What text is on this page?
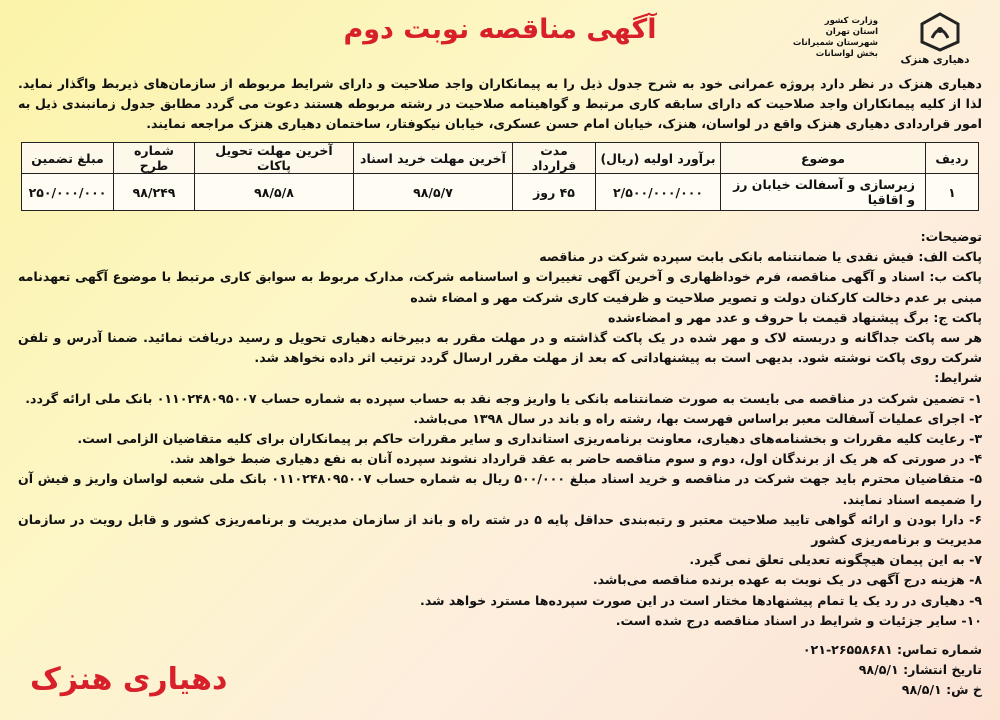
دهیاری هنزک
وزارت کشور
استان تهران
شهرستان شمیرانات
بخش لواسانات
آگهی مناقصه نوبت دوم

دهیاری هنزک در نظر دارد پروژه عمرانی خود به شرح جدول ذیل را به پیمانکاران واجد صلاحیت و دارای شرایط مربوطه از سازمان‌های ذیربط واگذار نماید. لذا از کلیه پیمانکاران واجد صلاحیت که دارای سابقه کاری مرتبط و گواهینامه صلاحیت در رشته مربوطه هستند دعوت می گردد مطابق جدول زمانبندی ذیل به امور قراردادی دهیاری هنزک واقع در لواسان، هنزک، خیابان امام حسن عسکری، خیابان نیکوفتار، ساختمان دهیاری هنزک مراجعه نمایند.

ردیف	موضوع	برآورد اولیه (ریال)	مدت قرارداد	آخرین مهلت خرید اسناد	آخرین مهلت تحویل پاکات	شماره طرح	مبلغ تضمین
۱	زیرسازی و آسفالت خیابان رز و اقاقیا	۲/۵۰۰/۰۰۰/۰۰۰	۴۵ روز	۹۸/۵/۷	۹۸/۵/۸	۹۸/۲۴۹	۲۵۰/۰۰۰/۰۰۰

توضیحات:

پاکت الف: فیش نقدی یا ضمانتنامه بانکی بابت سپرده شرکت در مناقصه

پاکت ب: اسناد و آگهی مناقصه، فرم خوداظهاری و آخرین آگهی تغییرات و اساسنامه شرکت، مدارک مربوط به سوابق کاری مرتبط با موضوع آگهی تعهدنامه مبنی بر عدم دخالت کارکنان دولت و تصویر صلاحیت و ظرفیت کاری شرکت مهر و امضاء شده

پاکت ج: برگ پیشنهاد قیمت با حروف و عدد مهر و امضاء‌شده

هر سه پاکت جداگانه و دربسته لاک و مهر شده در یک پاکت گذاشته و در مهلت مقرر به دبیرخانه دهیاری تحویل و رسید دریافت نمائید. ضمنا آدرس و تلفن شرکت روی پاکت نوشته شود. بدیهی است به پیشنهاداتی که بعد از مهلت مقرر ارسال گردد ترتیب اثر داده نخواهد شد.

شرایط:

۱- تضمین شرکت در مناقصه می بایست به صورت ضمانتنامه بانکی یا واریز وجه نقد به حساب سپرده به شماره حساب ۰۱۱۰۲۴۸۰۹۵۰۰۷ بانک ملی ارائه گردد.

۲- اجرای عملیات آسفالت معبر براساس فهرست بها، رشته راه و باند در سال ۱۳۹۸ می‌باشد.

۳- رعایت کلیه مقررات و بخشنامه‌های دهیاری، معاونت برنامه‌ریزی استانداری و سایر مقررات حاکم بر پیمانکاران برای کلیه متقاضیان الزامی است.

۴- در صورتی که هر یک از برندگان اول، دوم و سوم مناقصه حاضر به عقد قرارداد نشوند سپرده آنان به نفع دهیاری ضبط خواهد شد.

۵- متقاضیان محترم باید جهت شرکت در مناقصه و خرید اسناد مبلغ ۵۰۰/۰۰۰ ریال به شماره حساب ۰۱۱۰۲۴۸۰۹۵۰۰۷ بانک ملی شعبه لواسان واریز و فیش آن را ضمیمه اسناد نمایند.

۶- دارا بودن و ارائه گواهی تایید صلاحیت معتبر و رتبه‌بندی حداقل پایه ۵ در شته راه و باند از سازمان مدیریت و برنامه‌ریزی کشور و قابل رویت در سازمان مدیریت و برنامه‌ریزی کشور

۷- به این پیمان هیچگونه تعدیلی تعلق نمی گیرد.

۸- هزینه درج آگهی در یک نوبت به عهده برنده مناقصه می‌باشد.

۹- دهیاری در رد یک یا تمام پیشنهادها مختار است در این صورت سپرده‌ها مسترد خواهد شد.

۱۰- سایر جزئیات و شرایط در اسناد مناقصه درج شده است.

شماره تماس: ۲۶۵۵۸۶۸۱-۰۲۱
تاریخ انتشار: ۹۸/۵/۱
خ ش: ۹۸/۵/۱
دهیاری هنزک
